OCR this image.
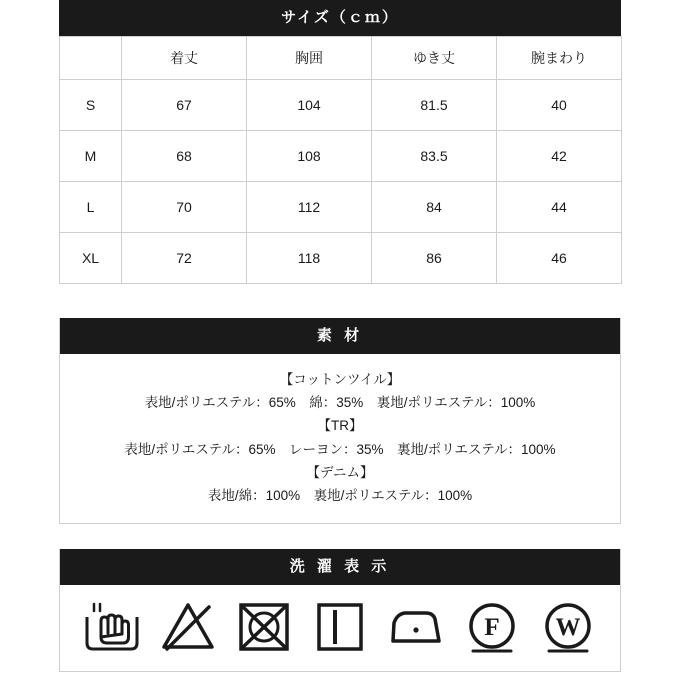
サイズ（ｃｍ）
	着丈	胸囲	ゆき丈	腕まわり
S	67	104	81.5	40
M	68	108	83.5	42
L	70	112	84	44
XL	72	118	86	46
素 材
【コットンツイル】
表地/ポリエステル：65%　綿：35%　裏地/ポリエステル：100%
【TR】
表地/ポリエステル：65%　レーヨン：35%　裏地/ポリエステル：100%
【デニム】
表地/綿：100%　裏地/ポリエステル：100%
洗 濯 表 示
F W
